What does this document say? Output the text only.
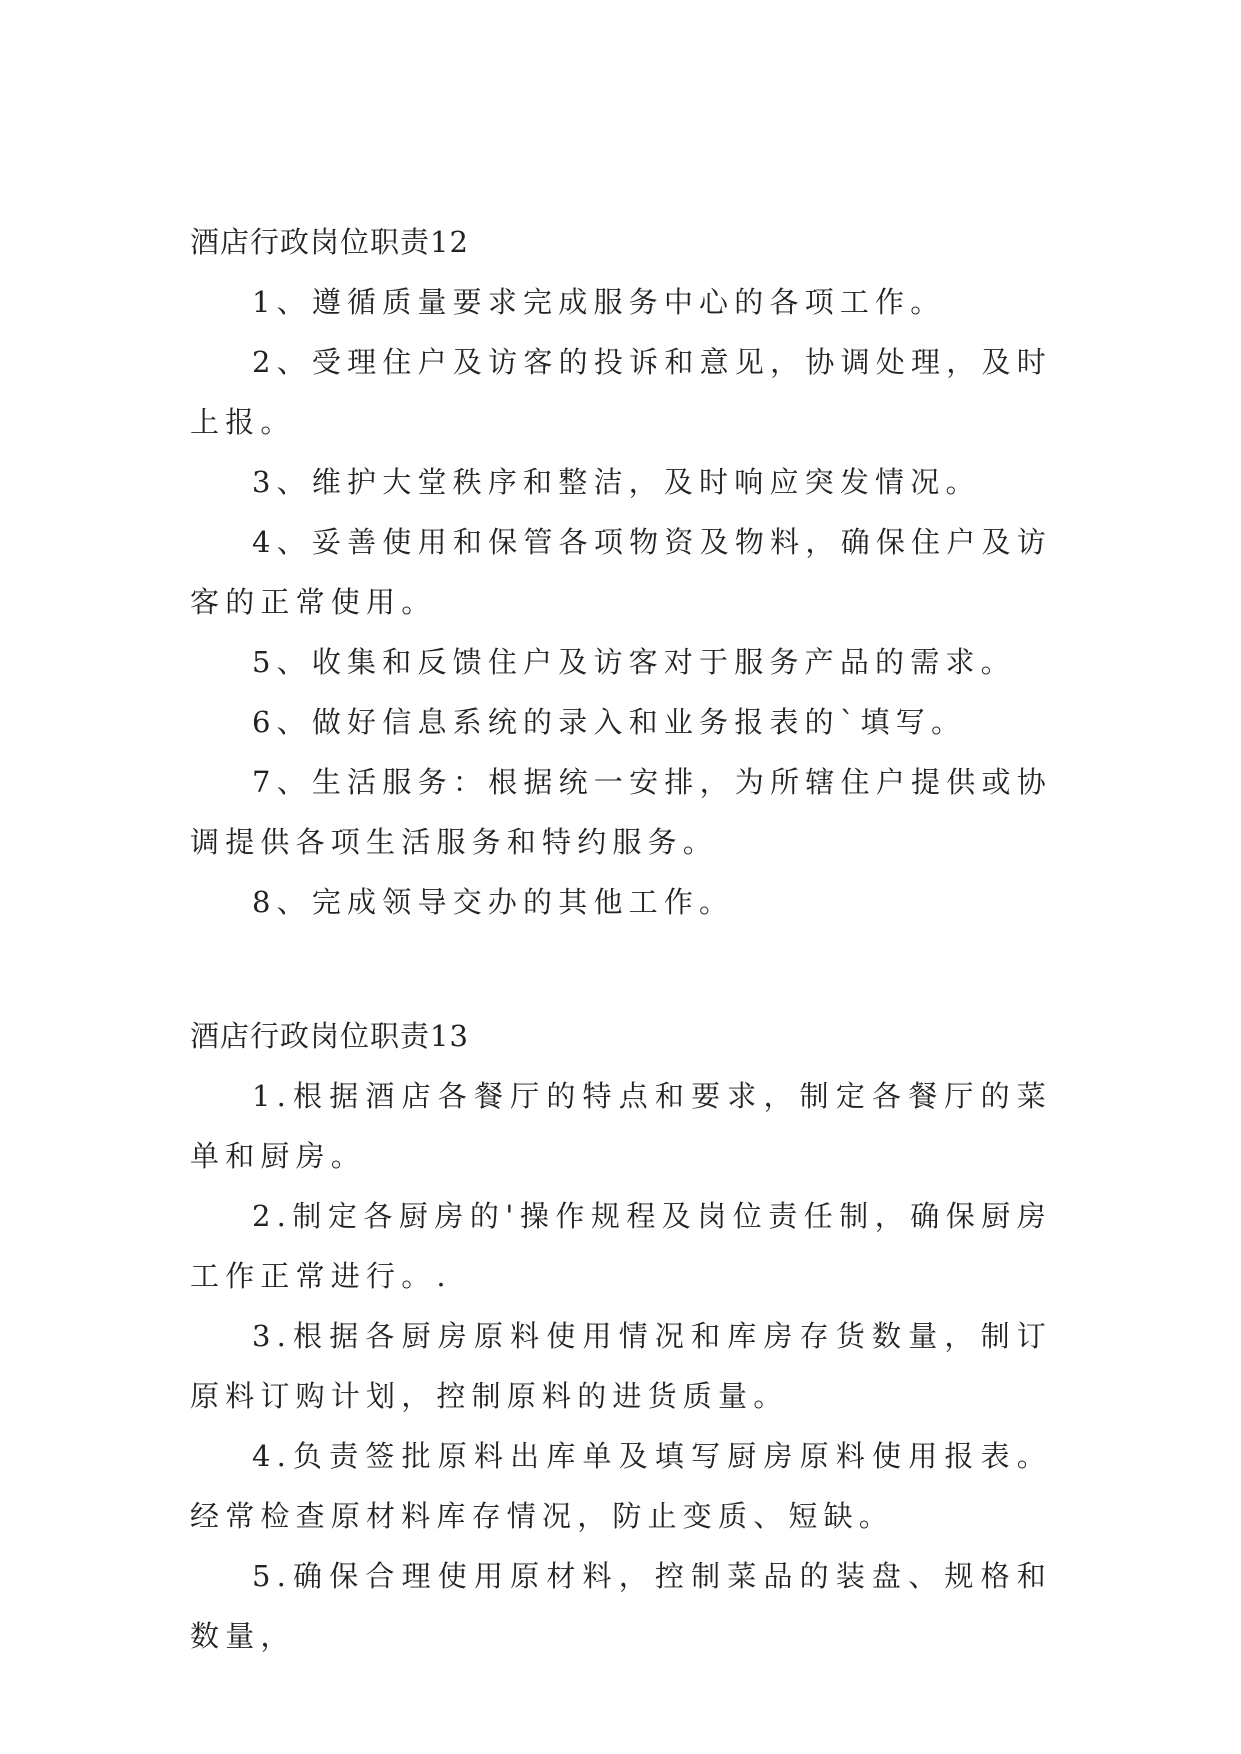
酒店行政岗位职责12

1、遵循质量要求完成服务中心的各项工作。

2、受理住户及访客的投诉和意见，协调处理，及时上报。

3、维护大堂秩序和整洁，及时响应突发情况。

4、妥善使用和保管各项物资及物料，确保住户及访客的正常使用。

5、收集和反馈住户及访客对于服务产品的需求。

6、做好信息系统的录入和业务报表的`填写。

7、生活服务：根据统一安排，为所辖住户提供或协调提供各项生活服务和特约服务。

8、完成领导交办的其他工作。

酒店行政岗位职责13

1.根据酒店各餐厅的特点和要求，制定各餐厅的菜单和厨房。

2.制定各厨房的'操作规程及岗位责任制，确保厨房工作正常进行。.

3.根据各厨房原料使用情况和库房存货数量，制订原料订购计划，控制原料的进货质量。

4.负责签批原料出库单及填写厨房原料使用报表。经常检查原材料库存情况，防止变质、短缺。

5.确保合理使用原材料，控制菜品的装盘、规格和数量，
